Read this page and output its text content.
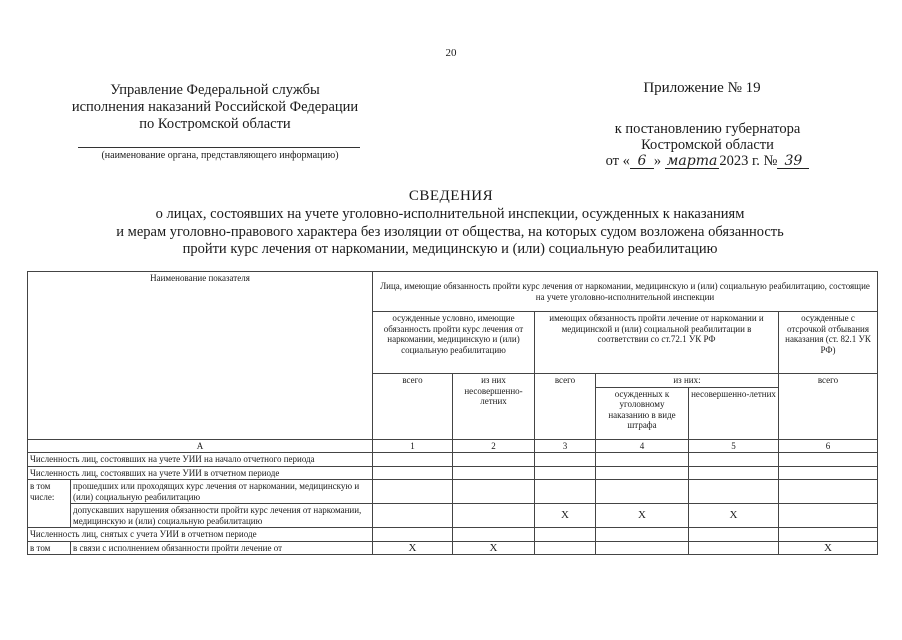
20
Управление Федеральной службы
исполнения наказаний Российской Федерации
по Костромской области
(наименование органа, представляющего информацию)
Приложение № 19
к постановлению губернатора
Костромской области
от « 6 » марта 2023 г. № 39
СВЕДЕНИЯ
о лицах, состоявших на учете уголовно-исполнительной инспекции, осужденных к наказаниям
и мерам уголовно-правового характера без изоляции от общества, на которых судом возложена обязанность
пройти курс лечения от наркомании, медицинскую и (или) социальную реабилитацию
Наименование показателя		Лица, имеющие обязанность пройти курс лечения от наркомании, медицинскую и (или) социальную реабилитацию, состоящие на учете уголовно-исполнительной инспекции					
		осужденные условно, имеющие обязанность пройти курс лечения от наркомании, медицинскую и (или) социальную реабилитацию		имеющих обязанность пройти лечение от наркомании и медицинской и (или) социальной реабилитации в соответствии со ст.72.1 УК РФ			осужденные с отсрочкой отбывания наказания (ст. 82.1 УК РФ)
		всего	из них несовершенно-летних	всего	из них:		всего
					осужденных к уголовному наказанию в виде штрафа	несовершенно-летних	
А		1	2	3	4	5	6
Численность лиц, состоявших на учете УИИ на начало отчетного периода							
Численность лиц, состоявших на учете УИИ в отчетном периоде							
в том числе:	прошедших или проходящих курс лечения от наркомании, медицинскую и (или) социальную реабилитацию						
	допускавших нарушения обязанности пройти курс лечения от наркомании, медицинскую и (или) социальную реабилитацию			X	X	X	
Численность лиц, снятых с учета УИИ в отчетном периоде							
в том	в связи с исполнением обязанности пройти лечение от	X	X				X
